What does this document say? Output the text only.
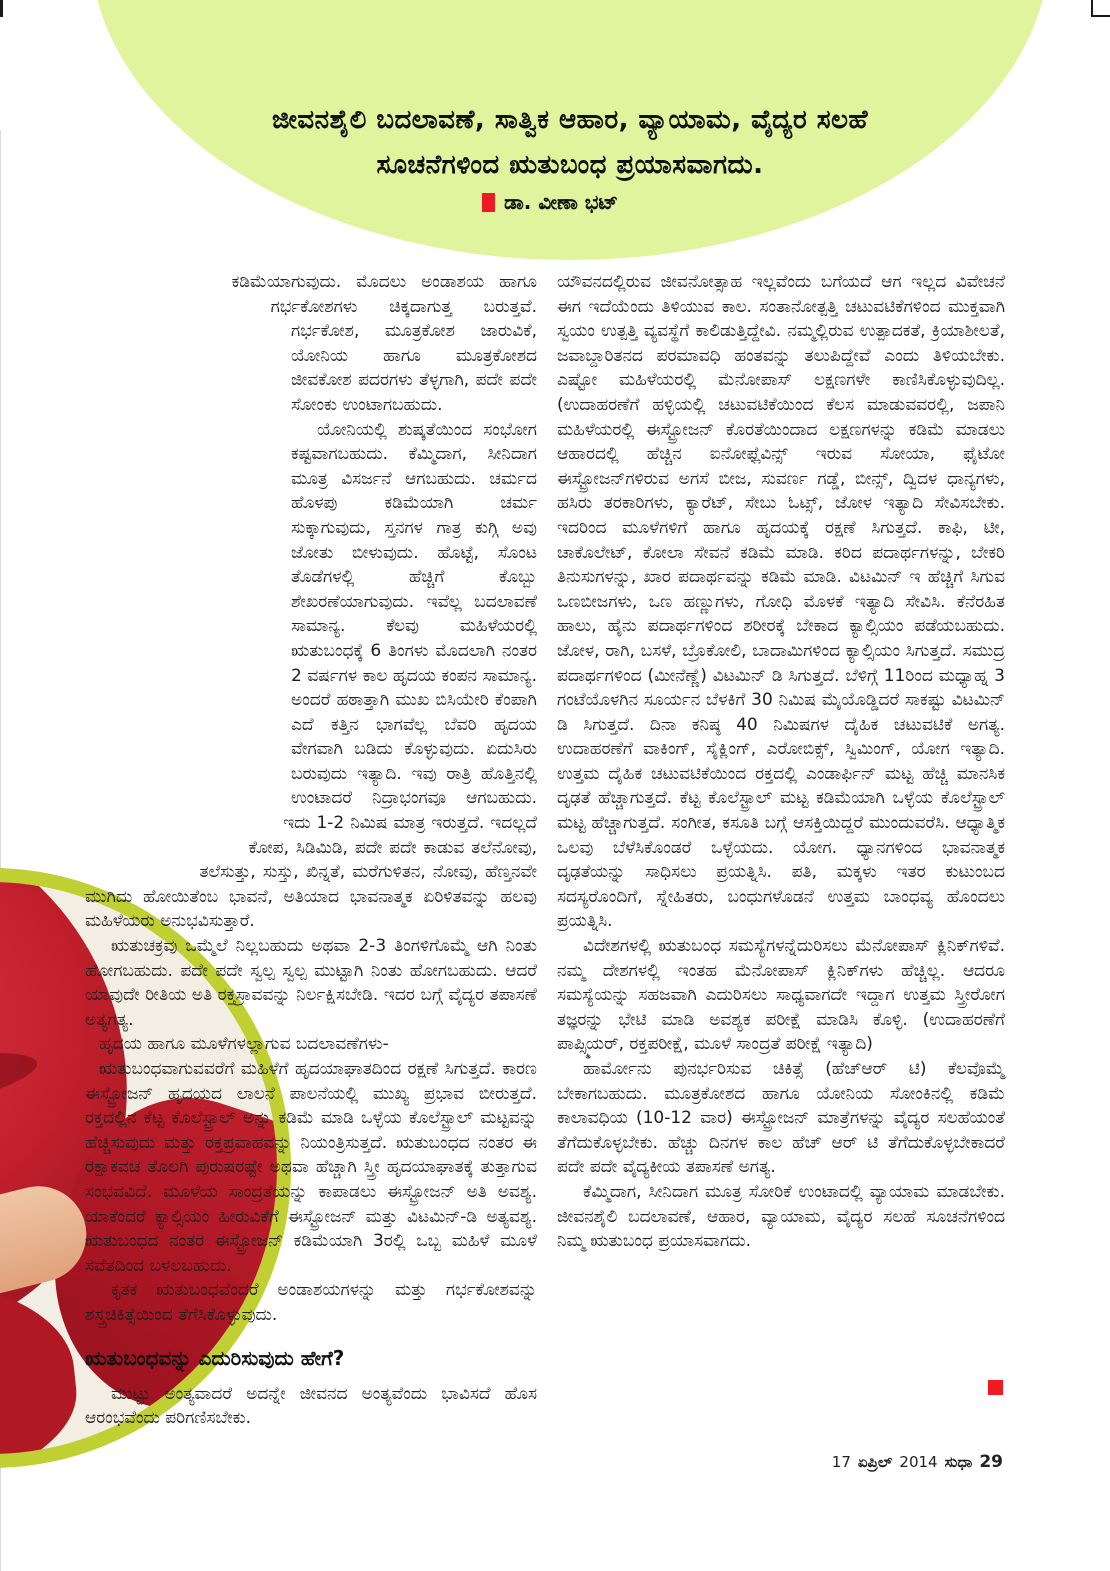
ಜೀವನಶೈಲಿ ಬದಲಾವಣೆ, ಸಾತ್ವಿಕ ಆಹಾರ, ವ್ಯಾಯಾಮ, ವೈದ್ಯರ ಸಲಹೆ
ಸೂಚನೆಗಳಿಂದ ಋತುಬಂಧ ಪ್ರಯಾಸವಾಗದು.
ಡಾ. ವೀಣಾ ಭಟ್

ಕಡಿಮೆಯಾಗುವುದು. ಮೊದಲು ಅಂಡಾಶಯ ಹಾಗೂ ಗರ್ಭಕೋಶಗಳು ಚಿಕ್ಕದಾಗುತ್ತ ಬರುತ್ತವೆ. ಗರ್ಭಕೋಶ, ಮೂತ್ರಕೋಶ ಜಾರುವಿಕೆ, ಯೋನಿಯ ಹಾಗೂ ಮೂತ್ರಕೋಶದ ಜೀವಕೋಶ ಪದರಗಳು ತೆಳ್ಳಗಾಗಿ, ಪದೇ ಪದೇ ಸೋಂಕು ಉಂಟಾಗಬಹುದು.

ಯೋನಿಯಲ್ಲಿ ಶುಷ್ಕತೆಯಿಂದ ಸಂಭೋಗ ಕಷ್ಟವಾಗಬಹುದು. ಕೆಮ್ಮಿದಾಗ, ಸೀನಿದಾಗ ಮೂತ್ರ ವಿಸರ್ಜನೆ ಆಗಬಹುದು. ಚರ್ಮದ ಹೊಳಪು ಕಡಿಮೆಯಾಗಿ ಚರ್ಮ ಸುಕ್ಕಾಗುವುದು, ಸ್ತನಗಳ ಗಾತ್ರ ಕುಗ್ಗಿ ಅವು ಜೋತು ಬೀಳುವುದು. ಹೊಟ್ಟೆ, ಸೊಂಟ ತೊಡೆಗಳಲ್ಲಿ ಹೆಚ್ಚಿಗೆ ಕೊಬ್ಬು ಶೇಖರಣೆಯಾಗುವುದು. ಇವೆಲ್ಲ ಬದಲಾವಣೆ ಸಾಮಾನ್ಯ. ಕೆಲವು ಮಹಿಳೆಯರಲ್ಲಿ ಋತುಬಂಧಕ್ಕೆ 6 ತಿಂಗಳು ಮೊದಲಾಗಿ ನಂತರ 2 ವರ್ಷಗಳ ಕಾಲ ಹೃದಯ ಕಂಪನ ಸಾಮಾನ್ಯ. ಅಂದರೆ ಹಠಾತ್ತಾಗಿ ಮುಖ ಬಿಸಿಯೇರಿ ಕೆಂಪಾಗಿ ಎದೆ ಕತ್ತಿನ ಭಾಗವೆಲ್ಲ ಬೆವರಿ ಹೃದಯ ವೇಗವಾಗಿ ಬಡಿದು ಕೊಳ್ಳುವುದು. ಏದುಸಿರು ಬರುವುದು ಇತ್ಯಾದಿ. ಇವು ರಾತ್ರಿ ಹೊತ್ತಿನಲ್ಲಿ ಉಂಟಾದರೆ ನಿದ್ರಾಭಂಗವೂ ಆಗಬಹುದು. ಇದು 1-2 ನಿಮಿಷ ಮಾತ್ರ ಇರುತ್ತದೆ. ಇದಲ್ಲದೆ ಕೋಪ, ಸಿಡಿಮಿಡಿ, ಪದೇ ಪದೇ ಕಾಡುವ ತಲೆನೋವು, ತಲೆಸುತ್ತು, ಸುಸ್ತು, ಖಿನ್ನತೆ, ಮರೆಗುಳಿತನ, ನೋವು, ಹೆಣ್ತನವೇ ಮುಗಿದು ಹೋಯಿತೆಂಬ ಭಾವನೆ, ಅತಿಯಾದ ಭಾವನಾತ್ಮಕ ಏರಿಳಿತವನ್ನು ಹಲವು ಮಹಿಳೆಯರು ಅನುಭವಿಸುತ್ತಾರೆ.

ಋತುಚಕ್ರವು ಒಮ್ಮೆಲೆ ನಿಲ್ಲಬಹುದು ಅಥವಾ 2-3 ತಿಂಗಳಿಗೊಮ್ಮೆ ಆಗಿ ನಿಂತು ಹೋಗಬಹುದು. ಪದೇ ಪದೇ ಸ್ವಲ್ಪ ಸ್ವಲ್ಪ ಮುಟ್ಟಾಗಿ ನಿಂತು ಹೋಗಬಹುದು. ಆದರೆ ಯಾವುದೇ ರೀತಿಯ ಅತಿ ರಕ್ತಸ್ರಾವವನ್ನು ನಿರ್ಲಕ್ಷಿಸಬೇಡಿ. ಇದರ ಬಗ್ಗೆ ವೈದ್ಯರ ತಪಾಸಣೆ ಅತ್ಯಗತ್ಯ.

ಹೃದಯ ಹಾಗೂ ಮೂಳೆಗಳಲ್ಲಾಗುವ ಬದಲಾವಣೆಗಳು-

ಋತುಬಂಧವಾಗುವವರೆಗೆ ಮಹಿಳೆಗೆ ಹೃದಯಾಘಾತದಿಂದ ರಕ್ಷಣೆ ಸಿಗುತ್ತದೆ. ಕಾರಣ ಈಸ್ಟ್ರೋಜನ್ ಹೃದಯದ ಲಾಲನೆ ಪಾಲನೆಯಲ್ಲಿ ಮುಖ್ಯ ಪ್ರಭಾವ ಬೀರುತ್ತದೆ. ರಕ್ತದಲ್ಲಿನ ಕೆಟ್ಟ ಕೊಲೆಸ್ಟ್ರಾಲ್ ಅನ್ನು ಕಡಿಮೆ ಮಾಡಿ ಒಳ್ಳೆಯ ಕೊಲೆಸ್ಟ್ರಾಲ್ ಮಟ್ಟವನ್ನು ಹೆಚ್ಚಿಸುವುದು ಮತ್ತು ರಕ್ತಪ್ರವಾಹವನ್ನು ನಿಯಂತ್ರಿಸುತ್ತದೆ. ಋತುಬಂಧದ ನಂತರ ಈ ರಕ್ಷಾಕವಚ ತೊಲಗಿ ಪುರುಷರಷ್ಟೇ ಅಥವಾ ಹೆಚ್ಚಾಗಿ ಸ್ತ್ರೀ ಹೃದಯಾಘಾತಕ್ಕೆ ತುತ್ತಾಗುವ ಸಂಭವವಿದೆ. ಮೂಳೆಯ ಸಾಂದ್ರತೆಯನ್ನು ಕಾಪಾಡಲು ಈಸ್ಟ್ರೋಜನ್ ಅತಿ ಅವಶ್ಯ. ಯಾಕೆಂದರೆ ಕ್ಯಾಲ್ಸಿಯಂ ಹೀರುವಿಕೆಗೆ ಈಸ್ಟ್ರೋಜನ್ ಮತ್ತು ವಿಟಮಿನ್-ಡಿ ಅತ್ಯವಶ್ಯ. ಋತುಬಂಧದ ನಂತರ ಈಸ್ಟ್ರೋಜನ್ ಕಡಿಮೆಯಾಗಿ 3ರಲ್ಲಿ ಒಬ್ಬ ಮಹಿಳೆ ಮೂಳೆ ಸವೆತದಿಂದ ಬಳಲಬಹುದು.

ಕೃತಕ ಋತುಬಂಧವೆಂದರೆ ಅಂಡಾಶಯಗಳನ್ನು ಮತ್ತು ಗರ್ಭಕೋಶವನ್ನು ಶಸ್ತ್ರಚಿಕಿತ್ಸೆಯಿಂದ ತೆಗೆಸಿಕೊಳ್ಳುವುದು.

ಋತುಬಂಧವನ್ನು ಎದುರಿಸುವುದು ಹೇಗೆ?

ಮುಟ್ಟು ಅಂತ್ಯವಾದರೆ ಅದನ್ನೇ ಜೀವನದ ಅಂತ್ಯವೆಂದು ಭಾವಿಸದೆ ಹೊಸ ಆರಂಭವೆಂದು ಪರಿಗಣಿಸಬೇಕು.

ಯೌವನದಲ್ಲಿರುವ ಜೀವನೋತ್ಸಾಹ ಇಲ್ಲವೆಂದು ಬಗೆಯದೆ ಆಗ ಇಲ್ಲದ ವಿವೇಚನೆ ಈಗ ಇದೆಯೆಂದು ತಿಳಿಯುವ ಕಾಲ. ಸಂತಾನೋತ್ಪತ್ತಿ ಚಟುವಟಿಕೆಗಳಿಂದ ಮುಕ್ತವಾಗಿ ಸ್ವಯಂ ಉತ್ಪತ್ತಿ ವ್ಯವಸ್ಥೆಗೆ ಕಾಲಿಡುತ್ತಿದ್ದೇವಿ. ನಮ್ಮಲ್ಲಿರುವ ಉತ್ಪಾದಕತೆ, ಕ್ರಿಯಾಶೀಲತೆ, ಜವಾಬ್ದಾರಿತನದ ಪರಮಾವಧಿ ಹಂತವನ್ನು ತಲುಪಿದ್ದೇವೆ ಎಂದು ತಿಳಿಯಬೇಕು. ಎಷ್ಟೋ ಮಹಿಳೆಯರಲ್ಲಿ ಮೆನೋಪಾಸ್ ಲಕ್ಷಣಗಳೇ ಕಾಣಿಸಿಕೊಳ್ಳುವುದಿಲ್ಲ. (ಉದಾಹರಣೆಗೆ ಹಳ್ಳಿಯಲ್ಲಿ ಚಟುವಟಿಕೆಯಿಂದ ಕೆಲಸ ಮಾಡುವವರಲ್ಲಿ, ಜಪಾನಿ ಮಹಿಳೆಯರಲ್ಲಿ ಈಸ್ಟ್ರೋಜನ್ ಕೊರತೆಯಿಂದಾದ ಲಕ್ಷಣಗಳನ್ನು ಕಡಿಮೆ ಮಾಡಲು ಆಹಾರದಲ್ಲಿ ಹೆಚ್ಚಿನ ಐನೋಫ್ಲೆವಿನ್ಸ್ ಇರುವ ಸೋಯಾ, ಫೈಟೋ ಈಸ್ಟ್ರೋಜನ್‌ಗಳಿರುವ ಅಗಸೆ ಬೀಜ, ಸುವರ್ಣ ಗಡ್ಡೆ, ಬೀನ್ಸ್, ದ್ವಿದಳ ಧಾನ್ಯಗಳು, ಹಸಿರು ತರಕಾರಿಗಳು, ಕ್ಯಾರೆಟ್, ಸೇಬು ಓಟ್ಸ್, ಜೋಳ ಇತ್ಯಾದಿ ಸೇವಿಸಬೇಕು. ಇದರಿಂದ ಮೂಳೆಗಳಿಗೆ ಹಾಗೂ ಹೃದಯಕ್ಕೆ ರಕ್ಷಣೆ ಸಿಗುತ್ತದೆ. ಕಾಫಿ, ಟೀ, ಚಾಕೊಲೇಟ್, ಕೋಲಾ ಸೇವನೆ ಕಡಿಮೆ ಮಾಡಿ. ಕರಿದ ಪದಾರ್ಥಗಳನ್ನು, ಬೇಕರಿ ತಿನುಸುಗಳನ್ನು, ಖಾರ ಪದಾರ್ಥವನ್ನು ಕಡಿಮೆ ಮಾಡಿ. ವಿಟಮಿನ್ ಇ ಹೆಚ್ಚಿಗೆ ಸಿಗುವ ಒಣಬೀಜಗಳು, ಒಣ ಹಣ್ಣುಗಳು, ಗೋಧಿ ಮೊಳಕೆ ಇತ್ಯಾದಿ ಸೇವಿಸಿ. ಕೆನೆರಹಿತ ಹಾಲು, ಹೈನು ಪದಾರ್ಥಗಳಿಂದ ಶರೀರಕ್ಕೆ ಬೇಕಾದ ಕ್ಯಾಲ್ಸಿಯಂ ಪಡೆಯಬಹುದು. ಜೋಳ, ರಾಗಿ, ಬಸಳೆ, ಬ್ರೊಕೋಲಿ, ಬಾದಾಮಿಗಳಿಂದ ಕ್ಯಾಲ್ಸಿಯಂ ಸಿಗುತ್ತದೆ. ಸಮುದ್ರ ಪದಾರ್ಥಗಳಿಂದ (ಮೀನೆಣ್ಣೆ) ವಿಟಮಿನ್ ಡಿ ಸಿಗುತ್ತದೆ. ಬೆಳಿಗ್ಗೆ 11ರಿಂದ ಮಧ್ಯಾಹ್ನ 3 ಗಂಟೆಯೊಳಗಿನ ಸೂರ್ಯನ ಬೆಳಕಿಗೆ 30 ನಿಮಿಷ ಮೈಯೊಡ್ಡಿದರೆ ಸಾಕಷ್ಟು ವಿಟಮಿನ್ ಡಿ ಸಿಗುತ್ತದೆ. ದಿನಾ ಕನಿಷ್ಠ 40 ನಿಮಿಷಗಳ ದೈಹಿಕ ಚಟುವಟಿಕೆ ಅಗತ್ಯ. ಉದಾಹರಣೆಗೆ ವಾಕಿಂಗ್, ಸೈಕ್ಲಿಂಗ್, ಎರೋಬಿಕ್ಸ್, ಸ್ವಿಮಿಂಗ್, ಯೋಗ ಇತ್ಯಾದಿ. ಉತ್ತಮ ದೈಹಿಕ ಚಟುವಟಿಕೆಯಿಂದ ರಕ್ತದಲ್ಲಿ ಎಂಡಾರ್ಫಿನ್ ಮಟ್ಟ ಹೆಚ್ಚಿ ಮಾನಸಿಕ ದೃಢತೆ ಹೆಚ್ಚಾಗುತ್ತದೆ. ಕೆಟ್ಟ ಕೊಲೆಸ್ಟ್ರಾಲ್ ಮಟ್ಟ ಕಡಿಮೆಯಾಗಿ ಒಳ್ಳೆಯ ಕೊಲೆಸ್ಟ್ರಾಲ್ ಮಟ್ಟ ಹೆಚ್ಚಾಗುತ್ತದೆ. ಸಂಗೀತ, ಕಸೂತಿ ಬಗ್ಗೆ ಆಸಕ್ತಿಯಿದ್ದರೆ ಮುಂದುವರೆಸಿ. ಆಧ್ಯಾತ್ಮಿಕ ಒಲವು ಬೆಳೆಸಿಕೊಂಡರೆ ಒಳ್ಳೆಯದು. ಯೋಗ. ಧ್ಯಾನಗಳಿಂದ ಭಾವನಾತ್ಮಕ ದೃಢತೆಯನ್ನು ಸಾಧಿಸಲು ಪ್ರಯತ್ನಿಸಿ. ಪತಿ, ಮಕ್ಕಳು ಇತರ ಕುಟುಂಬದ ಸದಸ್ಯರೊಂದಿಗೆ, ಸ್ನೇಹಿತರು, ಬಂಧುಗಳೊಡನೆ ಉತ್ತಮ ಬಾಂಧವ್ಯ ಹೊಂದಲು ಪ್ರಯತ್ನಿಸಿ.

ವಿದೇಶಗಳಲ್ಲಿ ಋತುಬಂಧ ಸಮಸ್ಯೆಗಳನ್ನೆದುರಿಸಲು ಮೆನೋಪಾಸ್ ಕ್ಲಿನಿಕ್‌ಗಳಿವೆ. ನಮ್ಮ ದೇಶಗಳಲ್ಲಿ ಇಂತಹ ಮೆನೋಪಾಸ್ ಕ್ಲಿನಿಕ್‌ಗಳು ಹೆಚ್ಚಿಲ್ಲ. ಆದರೂ ಸಮಸ್ಯೆಯನ್ನು ಸಹಜವಾಗಿ ಎದುರಿಸಲು ಸಾಧ್ಯವಾಗದೇ ಇದ್ದಾಗ ಉತ್ತಮ ಸ್ತ್ರೀರೋಗ ತಜ್ಞರನ್ನು ಭೇಟಿ ಮಾಡಿ ಅವಶ್ಯಕ ಪರೀಕ್ಷೆ ಮಾಡಿಸಿ ಕೊಳ್ಳಿ. (ಉದಾಹರಣೆಗೆ ಪಾಪ್ಸ್ಮಿಯರ್, ರಕ್ತಪರೀಕ್ಷೆ, ಮೂಳೆ ಸಾಂದ್ರತೆ ಪರೀಕ್ಷೆ ಇತ್ಯಾದಿ)

ಹಾರ್ಮೋನು ಪುನರ್ಭರಿಸುವ ಚಿಕಿತ್ಸೆ (ಹೆಚ್‌ಆರ್ ಟಿ) ಕೆಲವೊಮ್ಮೆ ಬೇಕಾಗಬಹುದು. ಮೂತ್ರಕೋಶದ ಹಾಗೂ ಯೋನಿಯ ಸೋಂಕಿನಲ್ಲಿ ಕಡಿಮೆ ಕಾಲಾವಧಿಯ (10-12 ವಾರ) ಈಸ್ಟ್ರೋಜನ್ ಮಾತ್ರೆಗಳನ್ನು ವೈದ್ಯರ ಸಲಹೆಯಂತೆ ತೆಗೆದುಕೊಳ್ಳಬೇಕು. ಹೆಚ್ಚು ದಿನಗಳ ಕಾಲ ಹೆಚ್ ಆರ್ ಟಿ ತೆಗೆದುಕೊಳ್ಳಬೇಕಾದರೆ ಪದೇ ಪದೇ ವೈದ್ಯಕೀಯ ತಪಾಸಣೆ ಅಗತ್ಯ.

ಕೆಮ್ಮಿದಾಗ, ಸೀನಿದಾಗ ಮೂತ್ರ ಸೋರಿಕೆ ಉಂಟಾದಲ್ಲಿ ವ್ಯಾಯಾಮ ಮಾಡಬೇಕು. ಜೀವನಶೈಲಿ ಬದಲಾವಣೆ, ಆಹಾರ, ವ್ಯಾಯಾಮ, ವೈದ್ಯರ ಸಲಹೆ ಸೂಚನೆಗಳಿಂದ ನಿಮ್ಮ ಋತುಬಂಧ ಪ್ರಯಾಸವಾಗದು.

17 ಏಪ್ರಿಲ್ 2014 ಸುಧಾ 29
